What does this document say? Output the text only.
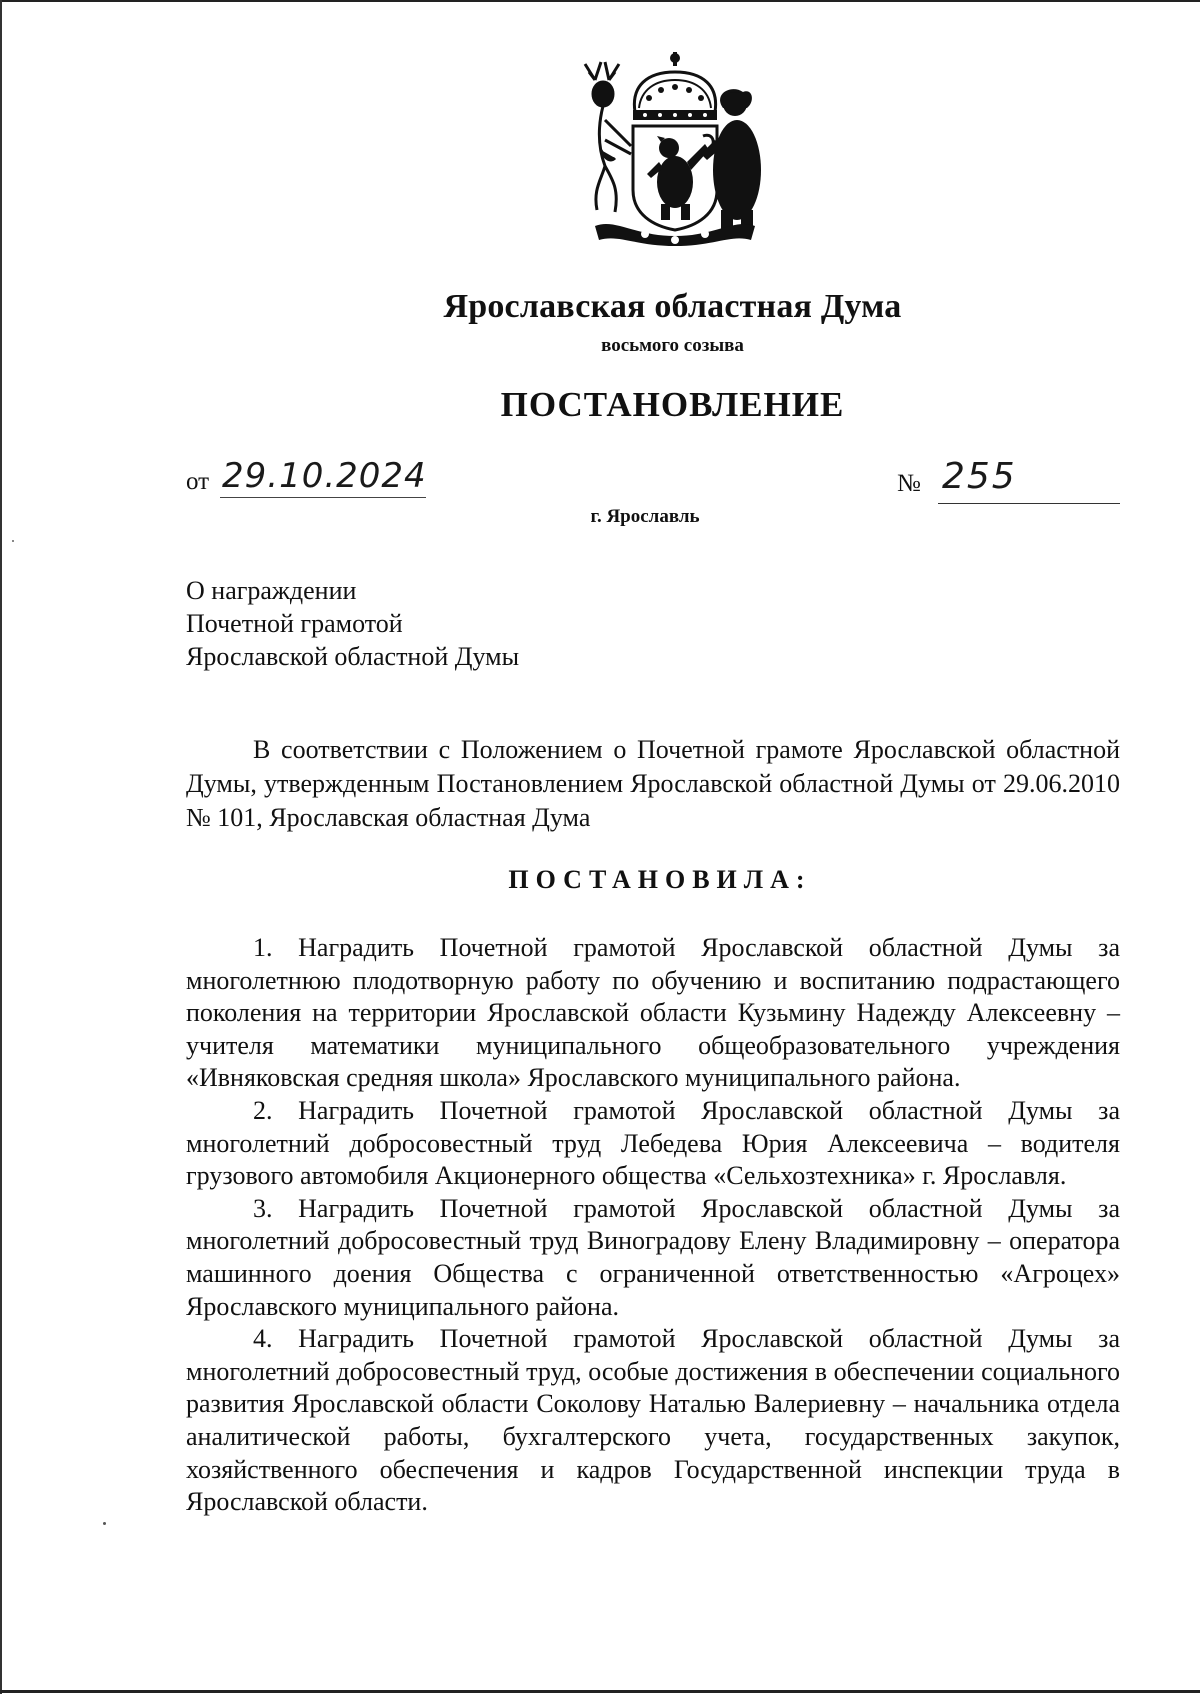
Ярославская областная Дума
восьмого созыва
ПОСТАНОВЛЕНИЕ
от 29.10.2024	№ 255
г. Ярославль
О награждении
Почетной грамотой
Ярославской областной Думы

В соответствии с Положением о Почетной грамоте Ярославской областной Думы, утвержденным Постановлением Ярославской областной Думы от 29.06.2010 № 101, Ярославская областная Дума

ПОСТАНОВИЛА:

1. Наградить Почетной грамотой Ярославской областной Думы за многолетнюю плодотворную работу по обучению и воспитанию подрастающего поколения на территории Ярославской области Кузьмину Надежду Алексеевну – учителя математики муниципального общеобразовательного учреждения «Ивняковская средняя школа» Ярославского муниципального района.

2. Наградить Почетной грамотой Ярославской областной Думы за многолетний добросовестный труд Лебедева Юрия Алексеевича – водителя грузового автомобиля Акционерного общества «Сельхозтехника» г. Ярославля.

3. Наградить Почетной грамотой Ярославской областной Думы за многолетний добросовестный труд Виноградову Елену Владимировну – оператора машинного доения Общества с ограниченной ответственностью «Агроцех» Ярославского муниципального района.

4. Наградить Почетной грамотой Ярославской областной Думы за многолетний добросовестный труд, особые достижения в обеспечении социального развития Ярославской области Соколову Наталью Валериевну – начальника отдела аналитической работы, бухгалтерского учета, государственных закупок, хозяйственного обеспечения и кадров Государственной инспекции труда в Ярославской области.
